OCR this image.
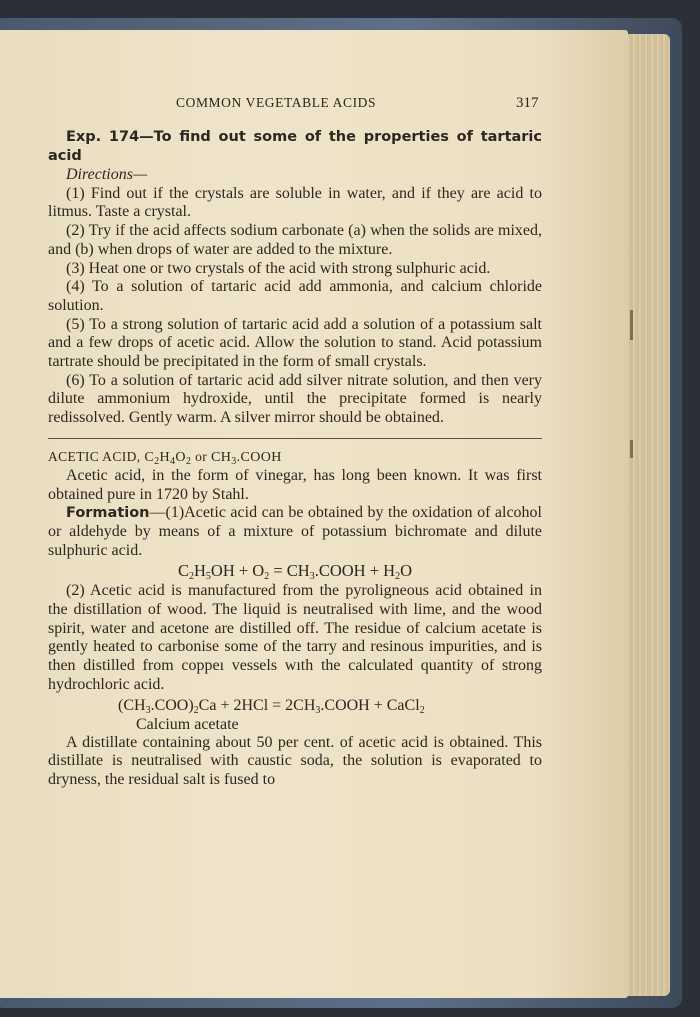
COMMON VEGETABLE ACIDS	317

Exp. 174—To find out some of the properties of tartaric acid

Directions—

(1) Find out if the crystals are soluble in water, and if they are acid to litmus. Taste a crystal.

(2) Try if the acid affects sodium carbonate (a) when the solids are mixed, and (b) when drops of water are added to the mixture.

(3) Heat one or two crystals of the acid with strong sulphuric acid.

(4) To a solution of tartaric acid add ammonia, and calcium chloride solution.

(5) To a strong solution of tartaric acid add a solution of a potassium salt and a few drops of acetic acid. Allow the solution to stand. Acid potassium tartrate should be precipitated in the form of small crystals.

(6) To a solution of tartaric acid add silver nitrate solution, and then very dilute ammonium hydroxide, until the precipitate formed is nearly redissolved. Gently warm. A silver mirror should be obtained.

ACETIC ACID, $C_2H_4O_2$ or $CH_3.COOH$

Acetic acid, in the form of vinegar, has long been known. It was first obtained pure in 1720 by Stahl.

Formation—(1)Acetic acid can be obtained by the oxidation of alcohol or aldehyde by means of a mixture of potassium bichromate and dilute sulphuric acid.

$C_2H_5OH + O_2$ = $CH_3.COOH + H_2O$

(2) Acetic acid is manufactured from the pyroligneous acid obtained in the distillation of wood. The liquid is neutralised with lime, and the wood spirit, water and acetone are distilled off. The residue of calcium acetate is gently heated to carbonise some of the tarry and resinous impurities, and is then distilled from coppeı vessels wıth the calculated quantity of strong hydrochloric acid.

$(CH_3.COO)_2Ca + 2HCl$ = $2CH_3.COOH$ + CaCl$_2$

Calcium acetate

A distillate containing about 50 per cent. of acetic acid is obtained. This distillate is neutralised with caustic soda, the solution is evaporated to dryness, the residual salt is fused to
